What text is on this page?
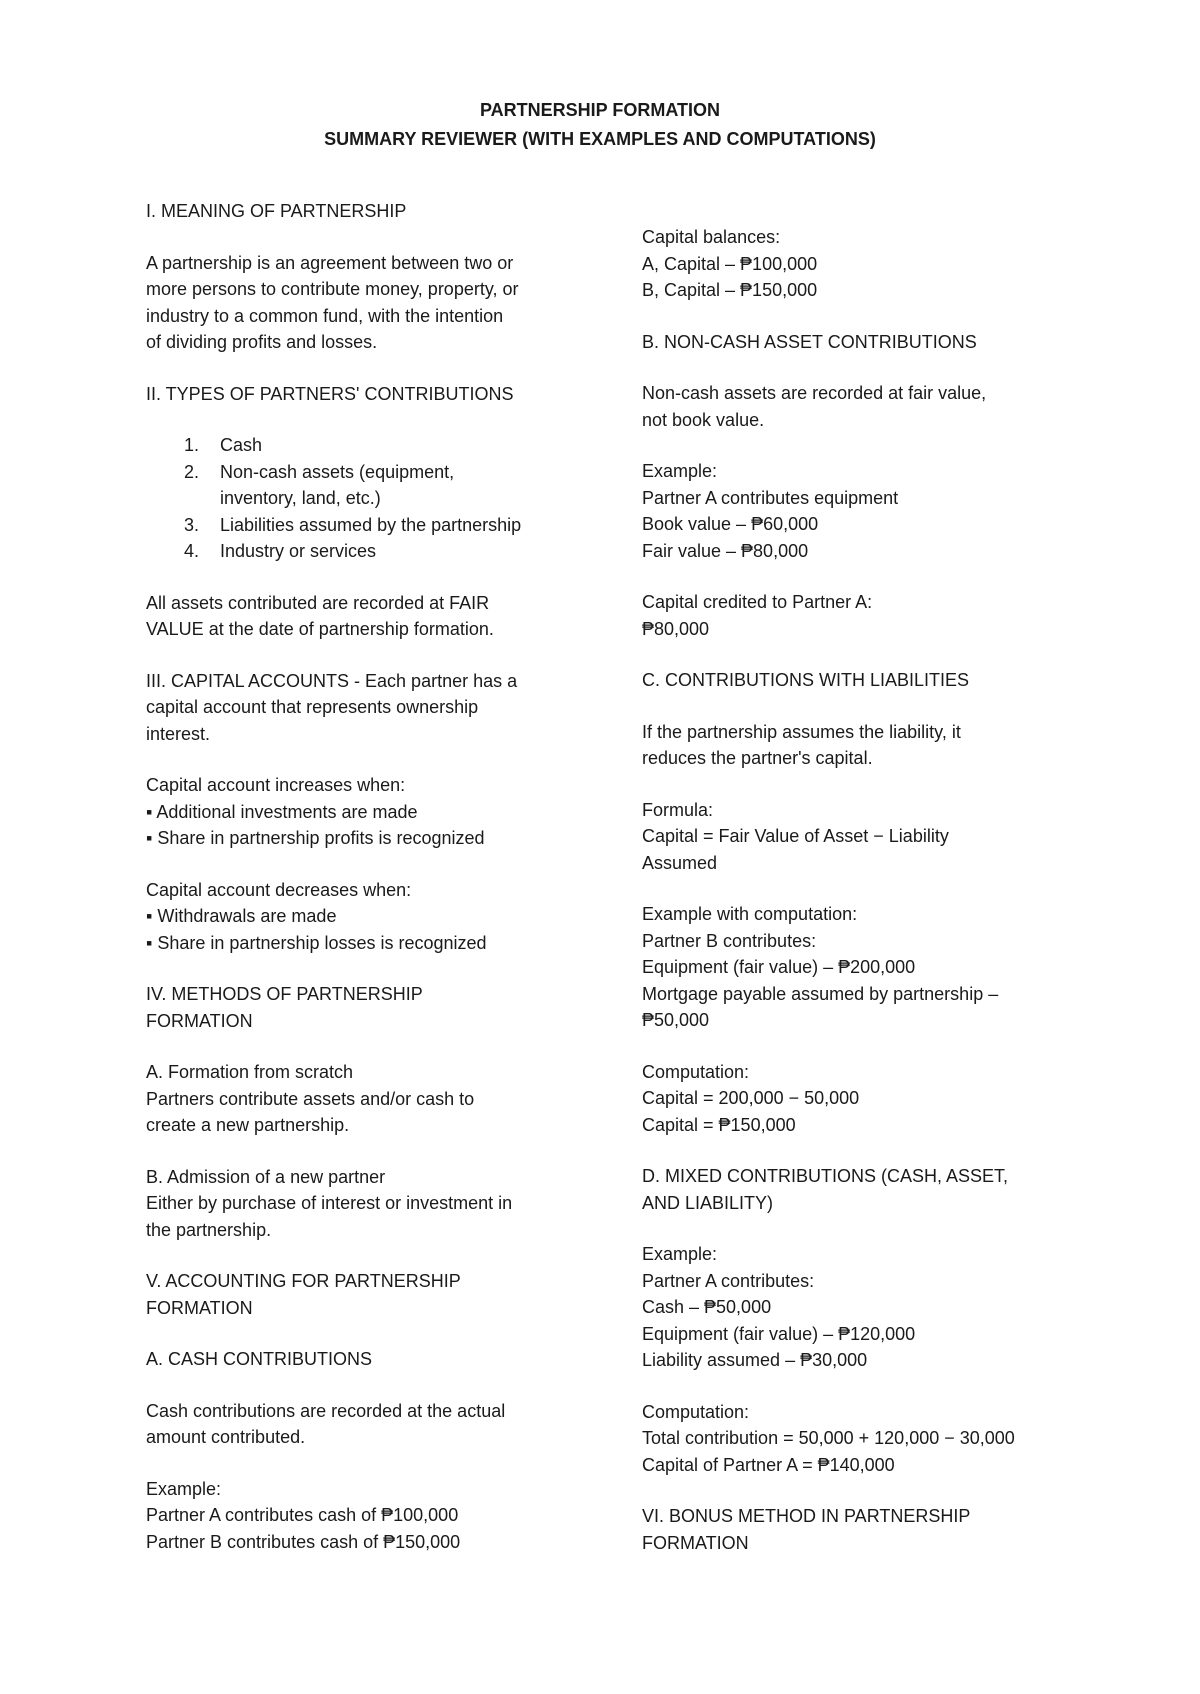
PARTNERSHIP FORMATION
SUMMARY REVIEWER (WITH EXAMPLES AND COMPUTATIONS)

I. MEANING OF PARTNERSHIP

A partnership is an agreement between two or

more persons to contribute money, property, or

industry to a common fund, with the intention

of dividing profits and losses.

II. TYPES OF PARTNERS' CONTRIBUTIONS

1. Cash
2. Non-cash assets (equipment,
inventory, land, etc.)
3. Liabilities assumed by the partnership
4. Industry or services

All assets contributed are recorded at FAIR

VALUE at the date of partnership formation.

III. CAPITAL ACCOUNTS - Each partner has a

capital account that represents ownership

interest.

Capital account increases when:

▪ Additional investments are made

▪ Share in partnership profits is recognized

Capital account decreases when:

▪ Withdrawals are made

▪ Share in partnership losses is recognized

IV. METHODS OF PARTNERSHIP

FORMATION

A. Formation from scratch

Partners contribute assets and/or cash to

create a new partnership.

B. Admission of a new partner

Either by purchase of interest or investment in

the partnership.

V. ACCOUNTING FOR PARTNERSHIP

FORMATION

A. CASH CONTRIBUTIONS

Cash contributions are recorded at the actual

amount contributed.

Example:

Partner A contributes cash of ₱100,000

Partner B contributes cash of ₱150,000

Capital balances:

A, Capital – ₱100,000

B, Capital – ₱150,000

B. NON-CASH ASSET CONTRIBUTIONS

Non-cash assets are recorded at fair value,

not book value.

Example:

Partner A contributes equipment

Book value – ₱60,000

Fair value – ₱80,000

Capital credited to Partner A:

₱80,000

C. CONTRIBUTIONS WITH LIABILITIES

If the partnership assumes the liability, it

reduces the partner's capital.

Formula:

Capital = Fair Value of Asset − Liability

Assumed

Example with computation:

Partner B contributes:

Equipment (fair value) – ₱200,000

Mortgage payable assumed by partnership –

₱50,000

Computation:

Capital = 200,000 − 50,000

Capital = ₱150,000

D. MIXED CONTRIBUTIONS (CASH, ASSET,

AND LIABILITY)

Example:

Partner A contributes:

Cash – ₱50,000

Equipment (fair value) – ₱120,000

Liability assumed – ₱30,000

Computation:

Total contribution = 50,000 + 120,000 − 30,000

Capital of Partner A = ₱140,000

VI. BONUS METHOD IN PARTNERSHIP

FORMATION
